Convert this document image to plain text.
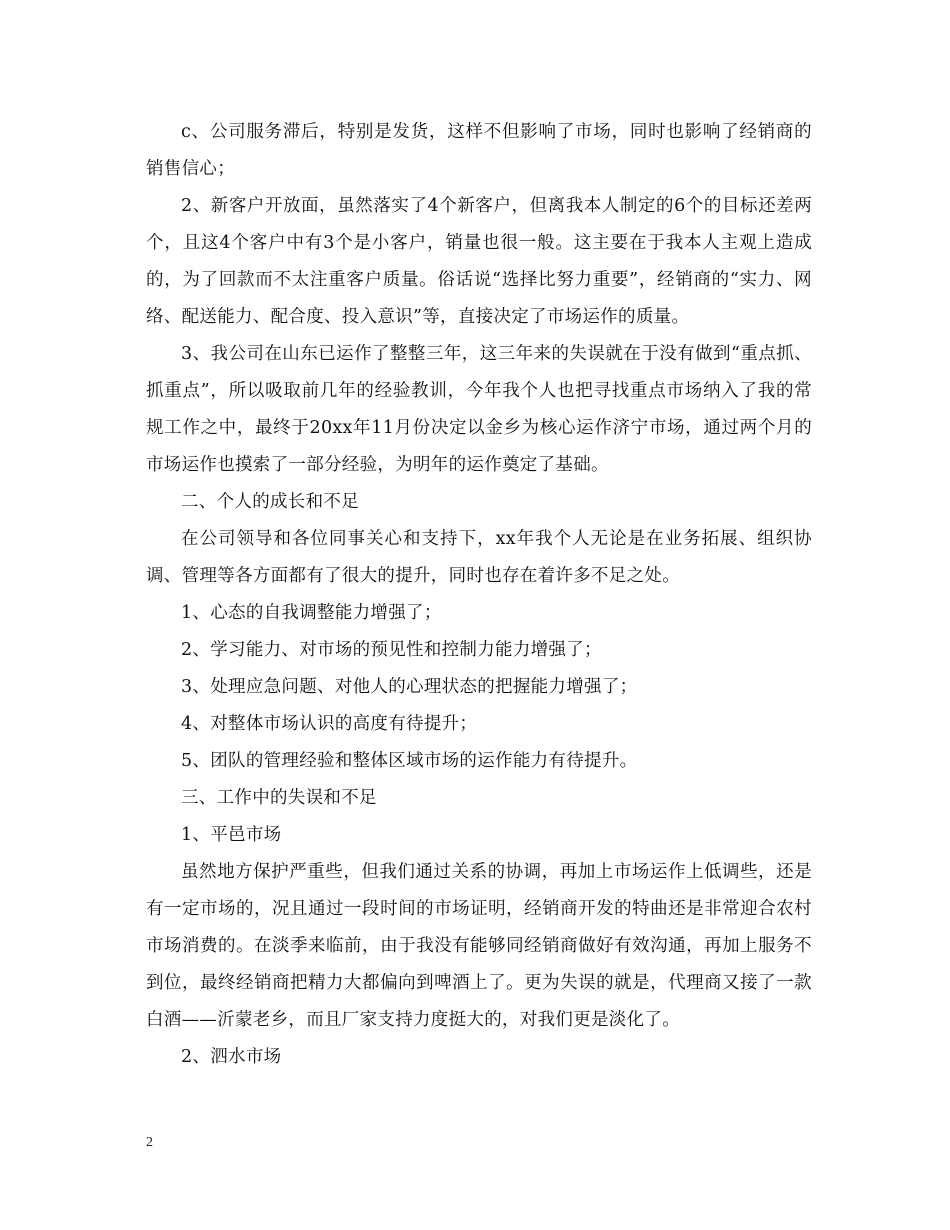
c、公司服务滞后，特别是发货，这样不但影响了市场，同时也影响了经销商的销售信心；

2、新客户开放面，虽然落实了4个新客户，但离我本人制定的6个的目标还差两个，且这4个客户中有3个是小客户，销量也很一般。这主要在于我本人主观上造成的，为了回款而不太注重客户质量。俗话说“选择比努力重要”，经销商的“实力、网络、配送能力、配合度、投入意识”等，直接决定了市场运作的质量。

3、我公司在山东已运作了整整三年，这三年来的失误就在于没有做到“重点抓、抓重点”，所以吸取前几年的经验教训，今年我个人也把寻找重点市场纳入了我的常规工作之中，最终于20xx年11月份决定以金乡为核心运作济宁市场，通过两个月的市场运作也摸索了一部分经验，为明年的运作奠定了基础。

二、个人的成长和不足

在公司领导和各位同事关心和支持下，xx年我个人无论是在业务拓展、组织协调、管理等各方面都有了很大的提升，同时也存在着许多不足之处。

1、心态的自我调整能力增强了；

2、学习能力、对市场的预见性和控制力能力增强了；

3、处理应急问题、对他人的心理状态的把握能力增强了；

4、对整体市场认识的高度有待提升；

5、团队的管理经验和整体区域市场的运作能力有待提升。

三、工作中的失误和不足

1、平邑市场

虽然地方保护严重些，但我们通过关系的协调，再加上市场运作上低调些，还是有一定市场的，况且通过一段时间的市场证明，经销商开发的特曲还是非常迎合农村市场消费的。在淡季来临前，由于我没有能够同经销商做好有效沟通，再加上服务不到位，最终经销商把精力大都偏向到啤酒上了。更为失误的就是，代理商又接了一款白酒——沂蒙老乡，而且厂家支持力度挺大的，对我们更是淡化了。

2、泗水市场

2
